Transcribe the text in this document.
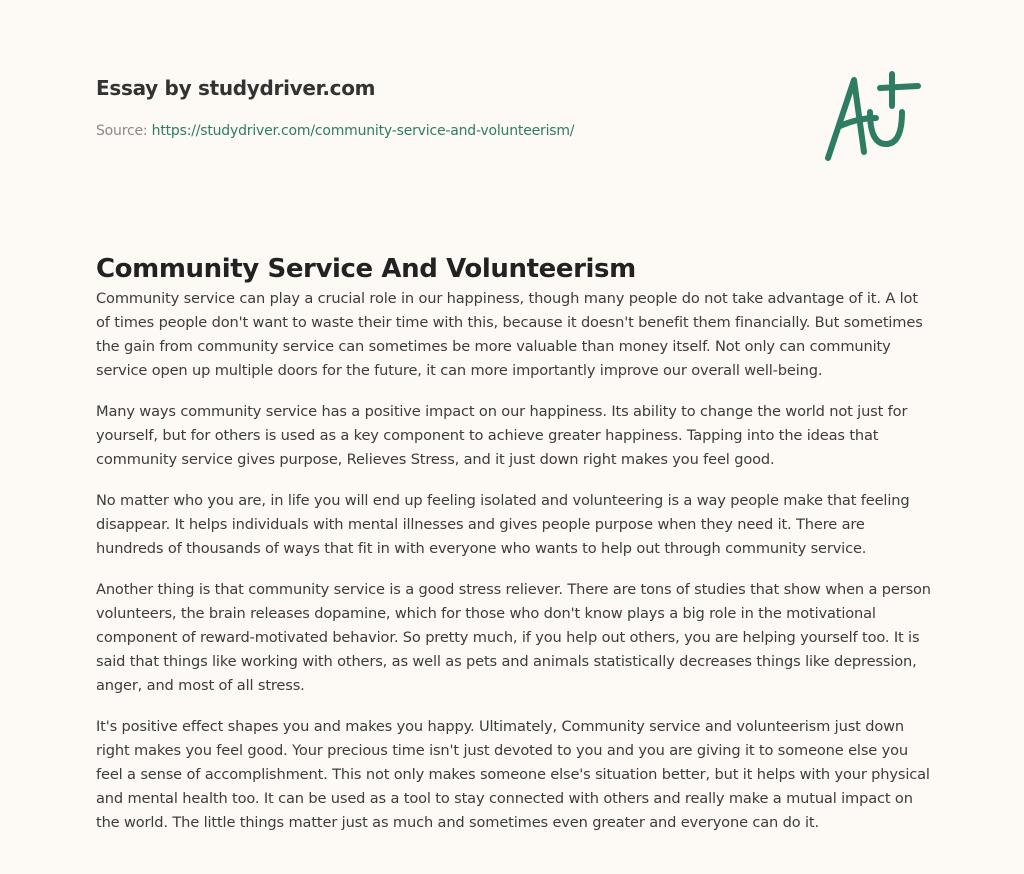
Essay by studydriver.com
Source: https://studydriver.com/community-service-and-volunteerism/
Community Service And Volunteerism

Community service can play a crucial role in our happiness, though many people do not take advantage of it. A lot of times people don't want to waste their time with this, because it doesn't benefit them financially. But sometimes the gain from community service can sometimes be more valuable than money itself. Not only can community service open up multiple doors for the future, it can more importantly improve our overall well-being.

Many ways community service has a positive impact on our happiness. Its ability to change the world not just for yourself, but for others is used as a key component to achieve greater happiness. Tapping into the ideas that community service gives purpose, Relieves Stress, and it just down right makes you feel good.

No matter who you are, in life you will end up feeling isolated and volunteering is a way people make that feeling disappear. It helps individuals with mental illnesses and gives people purpose when they need it. There are hundreds of thousands of ways that fit in with everyone who wants to help out through community service.

Another thing is that community service is a good stress reliever. There are tons of studies that show when a person volunteers, the brain releases dopamine, which for those who don't know plays a big role in the motivational component of reward-motivated behavior. So pretty much, if you help out others, you are helping yourself too. It is said that things like working with others, as well as pets and animals statistically decreases things like depression, anger, and most of all stress.

It's positive effect shapes you and makes you happy. Ultimately, Community service and volunteerism just down right makes you feel good. Your precious time isn't just devoted to you and you are giving it to someone else you feel a sense of accomplishment. This not only makes someone else's situation better, but it helps with your physical and mental health too. It can be used as a tool to stay connected with others and really make a mutual impact on the world. The little things matter just as much and sometimes even greater and everyone can do it.
